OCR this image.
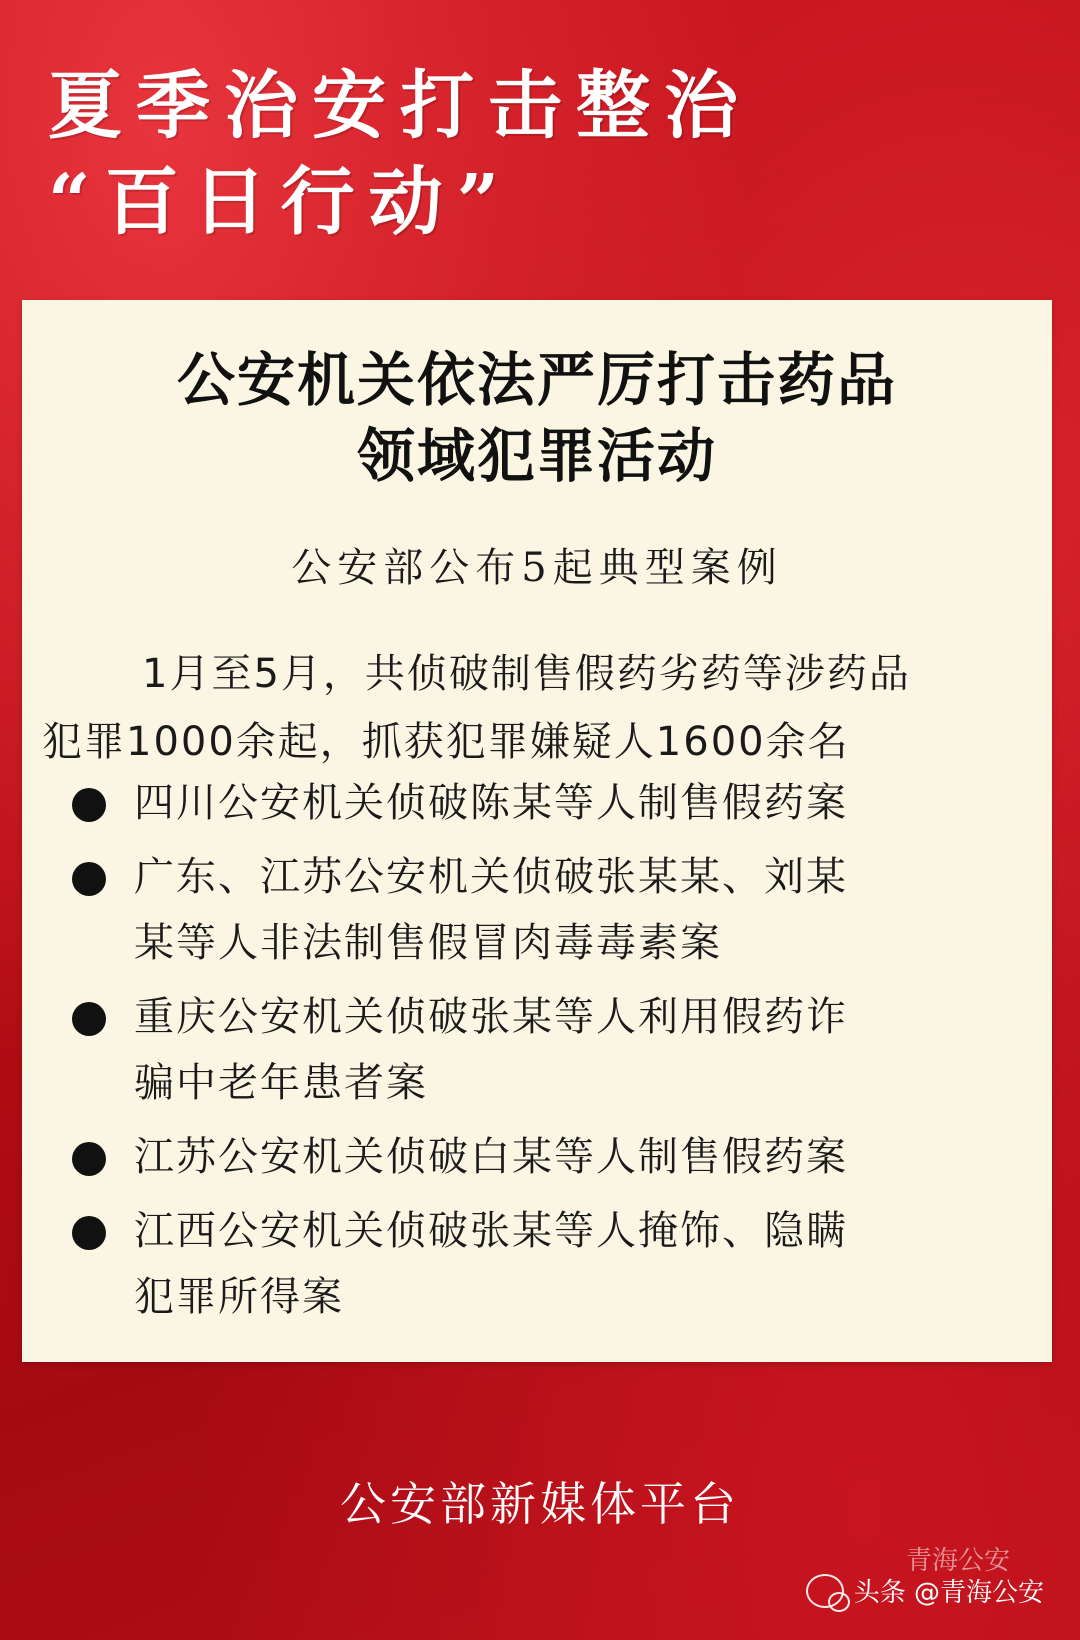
夏季治安打击整治
“百日行动”
公安机关依法严厉打击药品
领域犯罪活动
公安部公布5起典型案例
1月至5月，共侦破制售假药劣药等涉药品
犯罪1000余起，抓获犯罪嫌疑人1600余名
四川公安机关侦破陈某等人制售假药案
广东、江苏公安机关侦破张某某、刘某
某等人非法制售假冒肉毒毒素案
重庆公安机关侦破张某等人利用假药诈
骗中老年患者案
江苏公安机关侦破白某等人制售假药案
江西公安机关侦破张某等人掩饰、隐瞒
犯罪所得案
公安部新媒体平台
青海公安
头条 @青海公安
